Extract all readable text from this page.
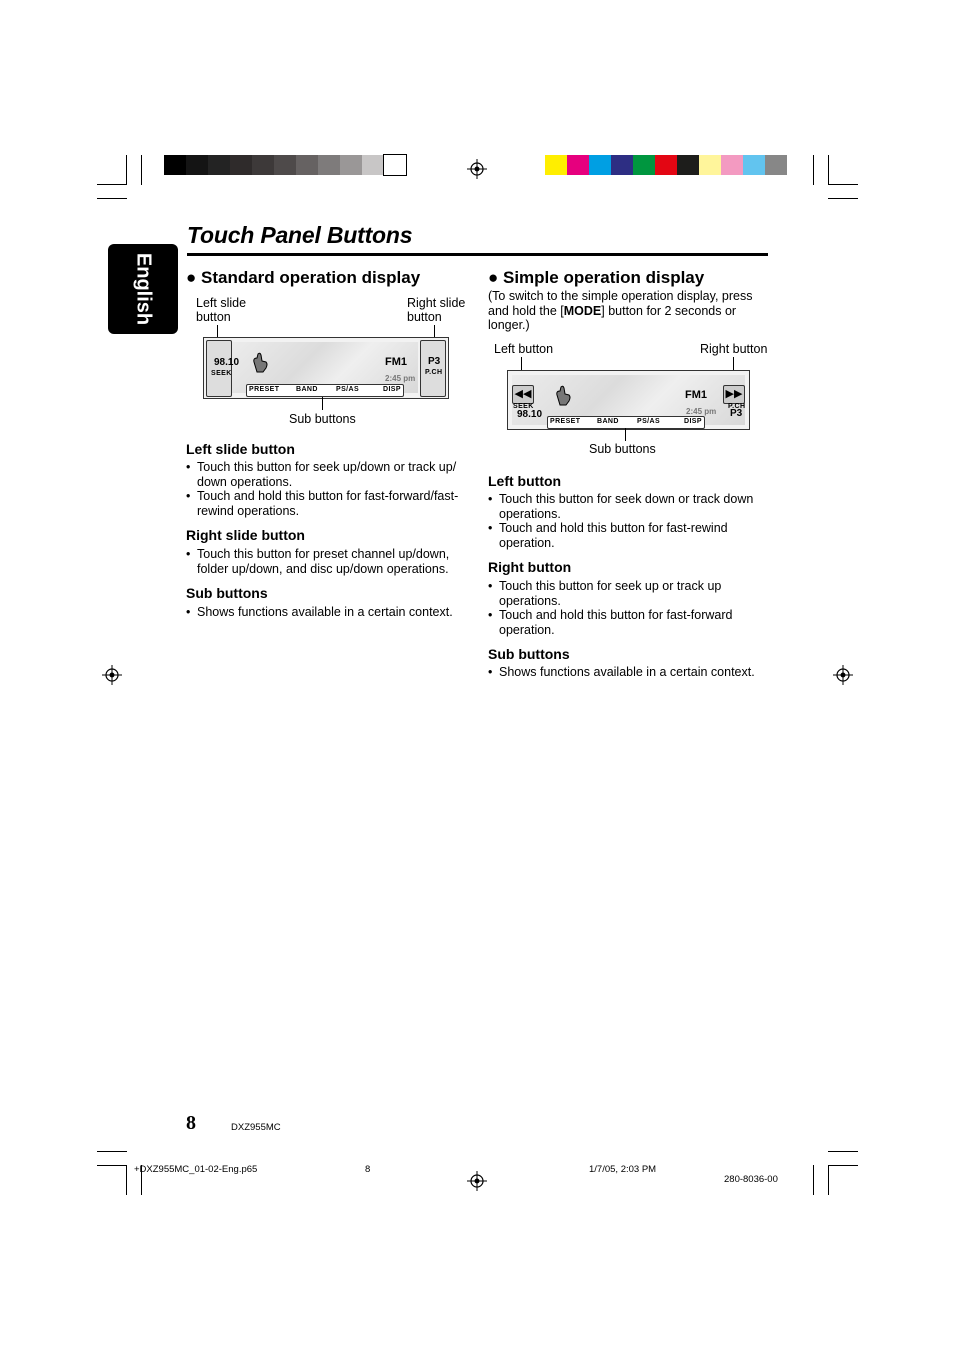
English
Touch Panel Buttons
● Standard operation display
Left slide
button
Right slide
button
98.10
SEEK
FM1 P3
P.CH
2:45 pm
PRESET BAND	PS/AS	DISP
Sub buttons
Left slide button
• Touch this button for seek up/down or track up/ down operations.
• Touch and hold this button for fast-forward/fast-rewind operations.
Right slide button
• Touch this button for preset channel up/down, folder up/down, and disc up/down operations.
Sub buttons
• Shows functions available in a certain context.
● Simple operation display
(To switch to the simple operation display, press and hold the [MODE] button for 2 seconds or longer.)
Left button	Right button
◀◀	▶▶
SEEK
98.10
FM1
P.CH
2:45 pm P3
PRESET BAND	PS/AS	DISP
Sub buttons
Left button
• Touch this button for seek down or track down operations.
• Touch and hold this button for fast-rewind operation.
Right button
• Touch this button for seek up or track up operations.
• Touch and hold this button for fast-forward operation.
Sub buttons
• Shows functions available in a certain context.
8	DXZ955MC
+DXZ955MC_01-02-Eng.p65	8	1/7/05, 2:03 PM
280-8036-00
